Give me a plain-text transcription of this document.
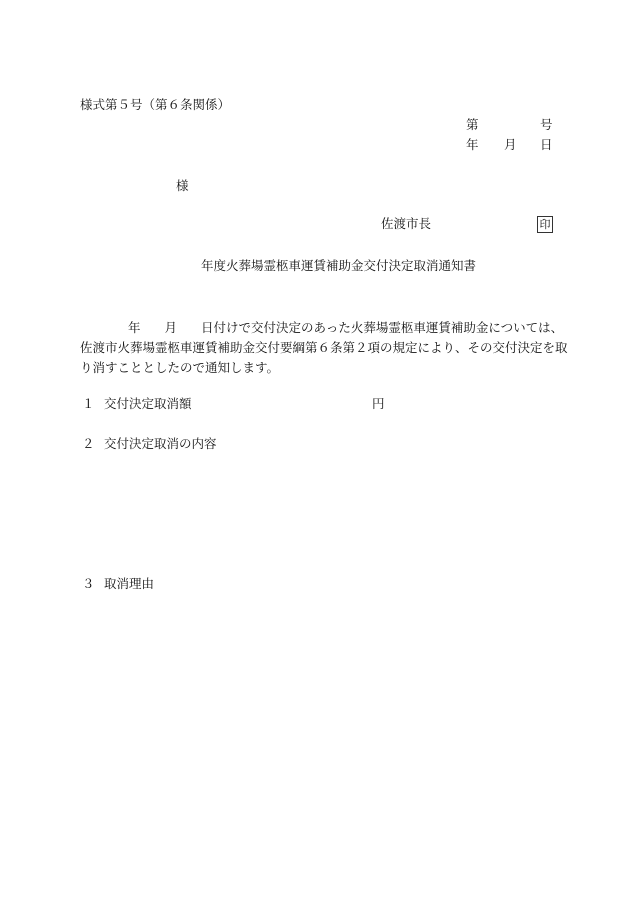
様式第５号（第６条関係）
第	号
年 月 日
様
佐渡市長	印
年度火葬場霊柩車運賃補助金交付決定取消通知書
年 月 日付けで交付決定のあった火葬場霊柩車運賃補助金については、
佐渡市火葬場霊柩車運賃補助金交付要綱第６条第２項の規定により、その交付決定を取
り消すこととしたので通知します。
１ 交付決定取消額	円
２ 交付決定取消の内容
３ 取消理由
